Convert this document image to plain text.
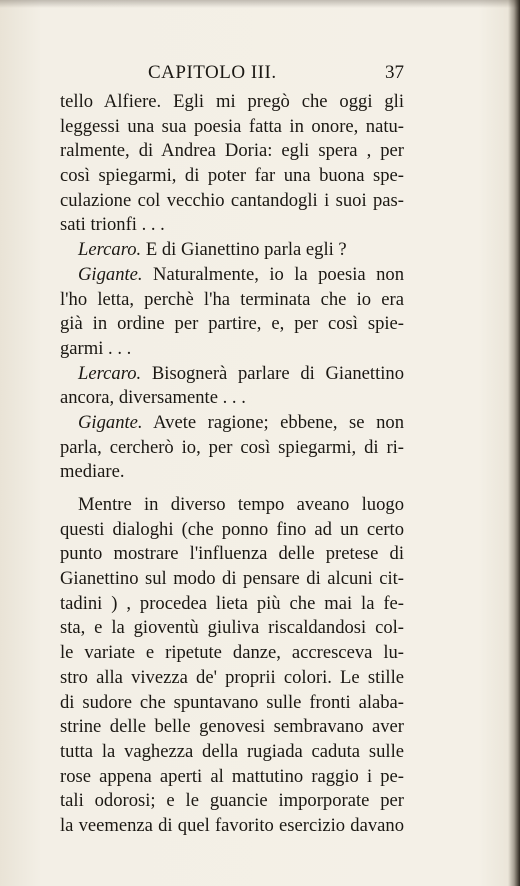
CAPITOLO III.	37
tello Alfiere. Egli mi pregò che oggi gli
leggessi una sua poesia fatta in onore, natu-
ralmente, di Andrea Doria: egli spera , per
così spiegarmi, di poter far una buona spe-
culazione col vecchio cantandogli i suoi pas-
sati trionfi . . .
Lercaro. E di Gianettino parla egli ?
Gigante. Naturalmente, io la poesia non
l'ho letta, perchè l'ha terminata che io era
già in ordine per partire, e, per così spie-
garmi . . .
Lercaro. Bisognerà parlare di Gianettino
ancora, diversamente . . .
Gigante. Avete ragione; ebbene, se non
parla, cercherò io, per così spiegarmi, di ri-
mediare.
Mentre in diverso tempo aveano luogo
questi dialoghi (che ponno fino ad un certo
punto mostrare l'influenza delle pretese di
Gianettino sul modo di pensare di alcuni cit-
tadini ) , procedea lieta più che mai la fe-
sta, e la gioventù giuliva riscaldandosi col-
le variate e ripetute danze, accresceva lu-
stro alla vivezza de' proprii colori. Le stille
di sudore che spuntavano sulle fronti alaba-
strine delle belle genovesi sembravano aver
tutta la vaghezza della rugiada caduta sulle
rose appena aperti al mattutino raggio i pe-
tali odorosi; e le guancie imporporate per
la veemenza di quel favorito esercizio davano
